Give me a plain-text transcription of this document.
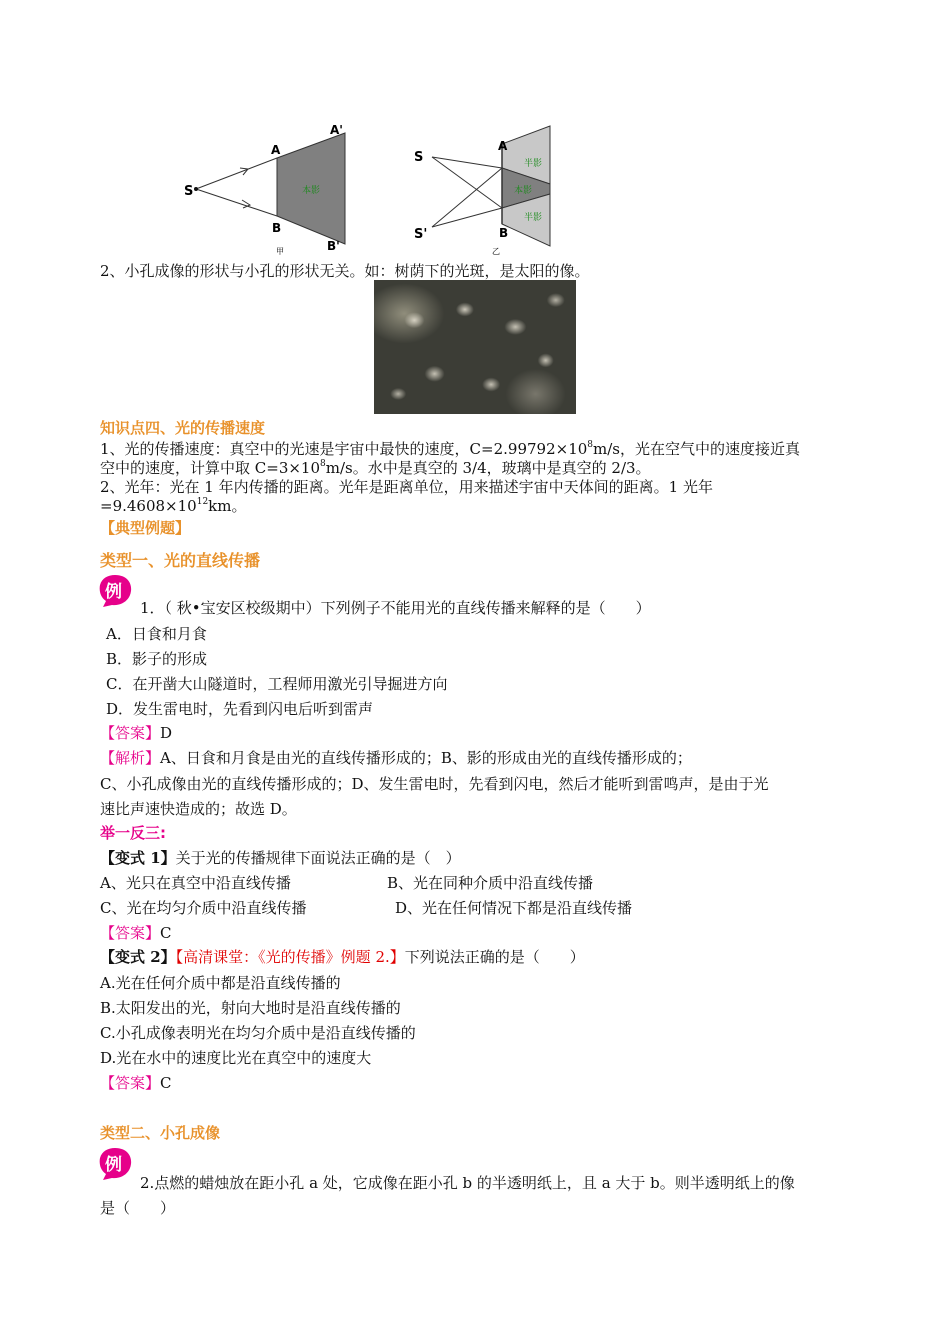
S
A
A'
B
B'
本影
甲
S
S'
A
B
半影
本影
半影
乙
2、小孔成像的形状与小孔的形状无关。如：树荫下的光斑，是太阳的像。
知识点四、光的传播速度
1、光的传播速度：真空中的光速是宇宙中最快的速度，$C=2.99792\times 10^8m/s$，光在空气中的速度接近真
空中的速度，计算中取 $C=3\times 10^8m/s$。水中是真空的 3/4，玻璃中是真空的 2/3。
2、光年：光在 1 年内传播的距离。光年是距离单位，用来描述宇宙中天体间的距离。1 光年
$=9.4608\times 10^{12}km$。
【典型例题】
类型一、光的直线传播
例
1．（ 秋•宝安区校级期中）下列例子不能用光的直线传播来解释的是（　　）
A．日食和月食
B．影子的形成
C．在开凿大山隧道时，工程师用激光引导掘进方向
D．发生雷电时，先看到闪电后听到雷声
【答案】D
【解析】A、日食和月食是由光的直线传播形成的；B、影的形成由光的直线传播形成的；
C、小孔成像由光的直线传播形成的；D、发生雷电时，先看到闪电，然后才能听到雷鸣声，是由于光
速比声速快造成的；故选 D。
举一反三:
【变式 1】关于光的传播规律下面说法正确的是（　）
A、光只在真空中沿直线传播	B、光在同种介质中沿直线传播
C、光在均匀介质中沿直线传播	D、光在任何情况下都是沿直线传播
【答案】C
【变式 2】【高清课堂：《光的传播》例题 2.】下列说法正确的是（　　）
A.光在任何介质中都是沿直线传播的
B.太阳发出的光，射向大地时是沿直线传播的
C.小孔成像表明光在均匀介质中是沿直线传播的
D.光在水中的速度比光在真空中的速度大
【答案】C
类型二、小孔成像
例
2.点燃的蜡烛放在距小孔 a 处，它成像在距小孔 b 的半透明纸上，且 a 大于 b。则半透明纸上的像
是（　　）
